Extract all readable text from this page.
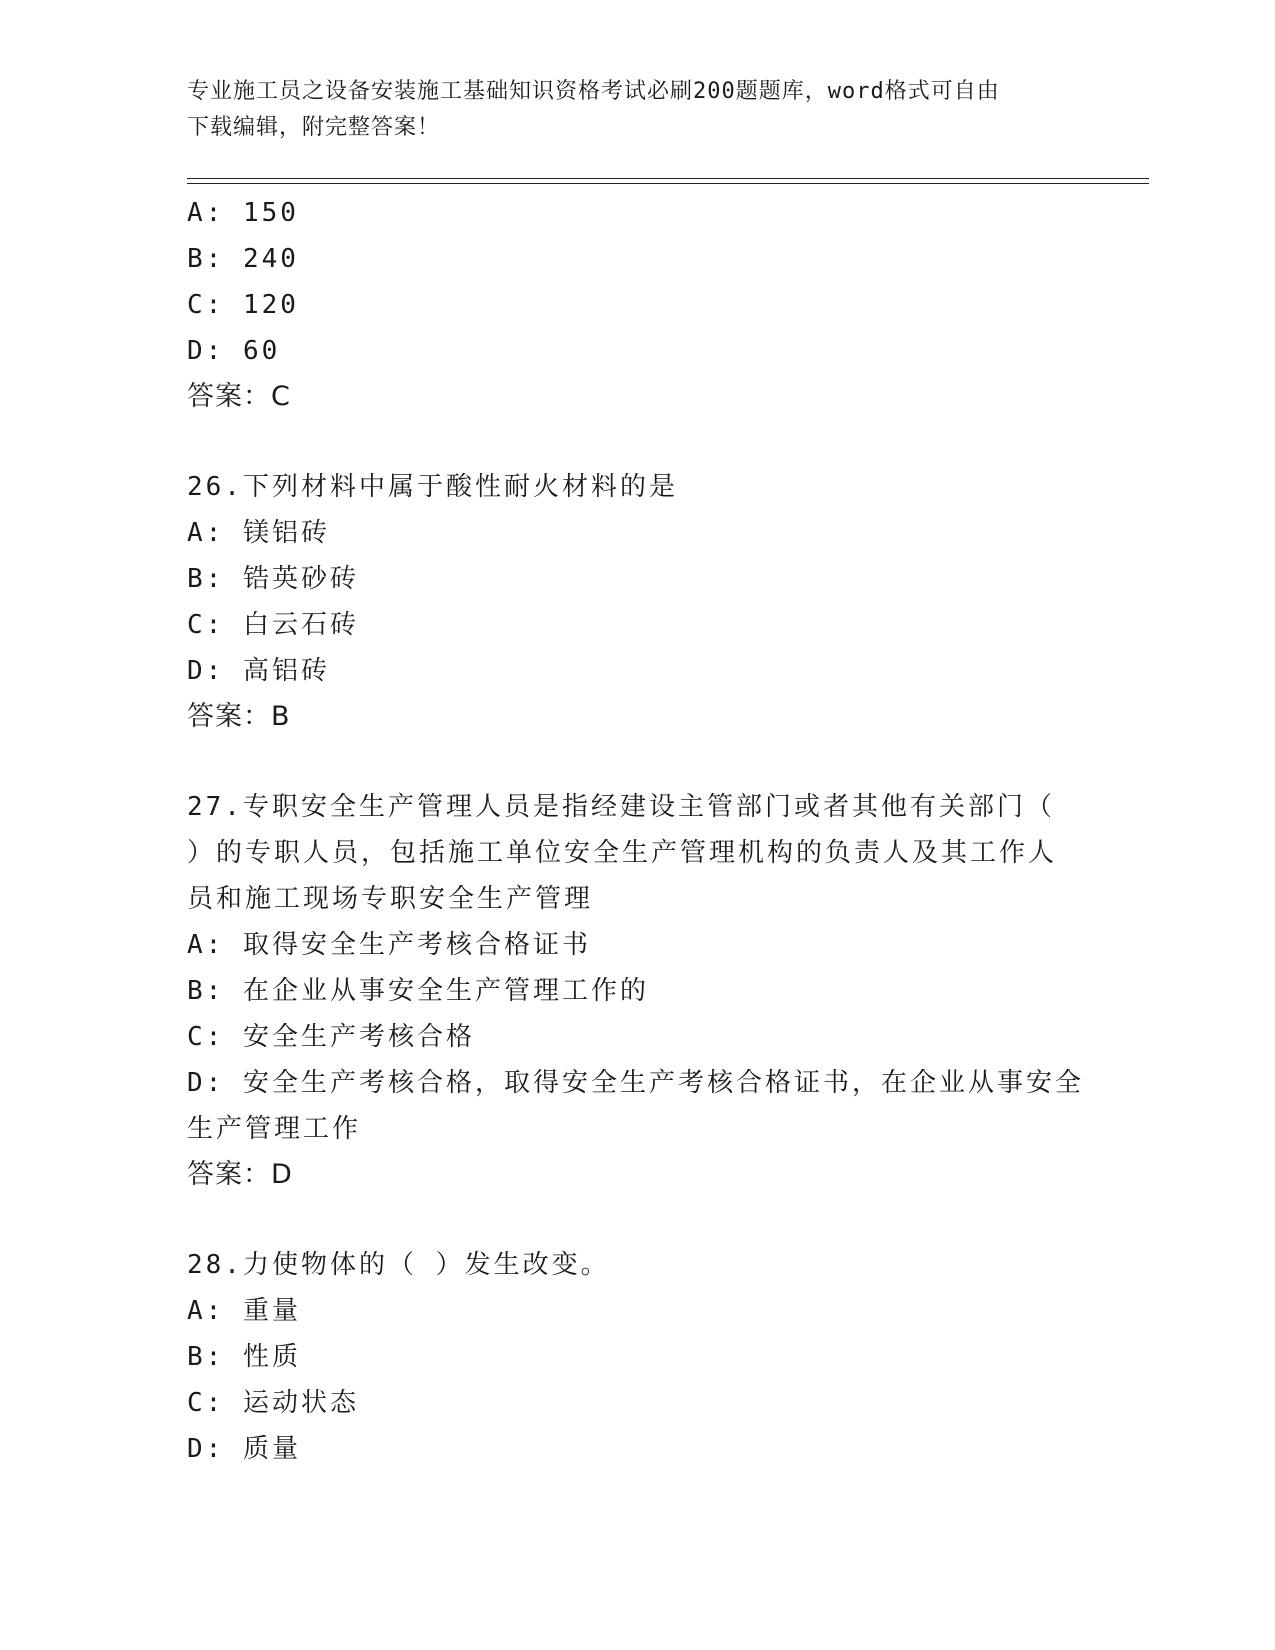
专业施工员之设备安装施工基础知识资格考试必刷200题题库，word格式可自由
下载编辑，附完整答案！
A: 150
B: 240
C: 120
D: 60
答案：C
26.下列材料中属于酸性耐火材料的是
A: 镁铝砖
B: 锆英砂砖
C: 白云石砖
D: 高铝砖
答案：B
27.专职安全生产管理人员是指经建设主管部门或者其他有关部门（
）的专职人员，包括施工单位安全生产管理机构的负责人及其工作人
员和施工现场专职安全生产管理
A: 取得安全生产考核合格证书
B: 在企业从事安全生产管理工作的
C: 安全生产考核合格
D: 安全生产考核合格，取得安全生产考核合格证书，在企业从事安全
生产管理工作
答案：D
28.力使物体的（ ）发生改变。
A: 重量
B: 性质
C: 运动状态
D: 质量
